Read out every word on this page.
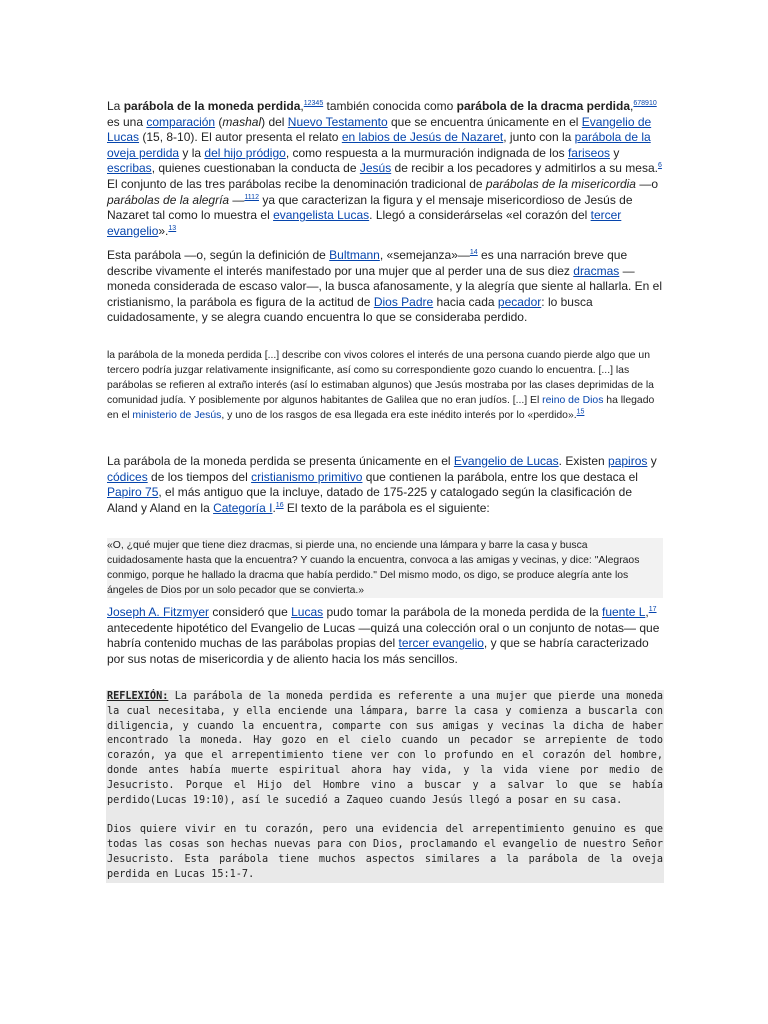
La parábola de la moneda perdida,$^{12345}$ también conocida como parábola de la dracma perdida,$^{678910}$ es una comparación (mashal) del Nuevo Testamento que se encuentra únicamente en el Evangelio de Lucas (15, 8-10). El autor presenta el relato en labios de Jesús de Nazaret, junto con la parábola de la oveja perdida y la del hijo pródigo, como respuesta a la murmuración indignada de los fariseos y escribas, quienes cuestionaban la conducta de Jesús de recibir a los pecadores y admitirlos a su mesa.$^6$ El conjunto de las tres parábolas recibe la denominación tradicional de parábolas de la misericordia —o parábolas de la alegría —$^{1112}$ ya que caracterizan la figura y el mensaje misericordioso de Jesús de Nazaret tal como lo muestra el evangelista Lucas. Llegó a considerárselas «el corazón del tercer evangelio».$^{13}$
Esta parábola —o, según la definición de Bultmann, «semejanza»—$^{14}$ es una narración breve que describe vivamente el interés manifestado por una mujer que al perder una de sus diez dracmas —moneda considerada de escaso valor—, la busca afanosamente, y la alegría que siente al hallarla. En el cristianismo, la parábola es figura de la actitud de Dios Padre hacia cada pecador: lo busca cuidadosamente, y se alegra cuando encuentra lo que se consideraba perdido.
la parábola de la moneda perdida [...] describe con vivos colores el interés de una persona cuando pierde algo que un tercero podría juzgar relativamente insignificante, así como su correspondiente gozo cuando lo encuentra. [...] las parábolas se refieren al extraño interés (así lo estimaban algunos) que Jesús mostraba por las clases deprimidas de la comunidad judía. Y posiblemente por algunos habitantes de Galilea que no eran judíos. [...] El reino de Dios ha llegado en el ministerio de Jesús, y uno de los rasgos de esa llegada era este inédito interés por lo «perdido».$^{15}$
La parábola de la moneda perdida se presenta únicamente en el Evangelio de Lucas. Existen papiros y códices de los tiempos del cristianismo primitivo que contienen la parábola, entre los que destaca el Papiro 75, el más antiguo que la incluye, datado de 175-225 y catalogado según la clasificación de Aland y Aland en la Categoría I.$^{16}$ El texto de la parábola es el siguiente:
«O, ¿qué mujer que tiene diez dracmas, si pierde una, no enciende una lámpara y barre la casa y busca cuidadosamente hasta que la encuentra? Y cuando la encuentra, convoca a las amigas y vecinas, y dice: "Alegraos conmigo, porque he hallado la dracma que había perdido." Del mismo modo, os digo, se produce alegría ante los ángeles de Dios por un solo pecador que se convierta.»
Joseph A. Fitzmyer consideró que Lucas pudo tomar la parábola de la moneda perdida de la fuente L,$^{17}$ antecedente hipotético del Evangelio de Lucas —quizá una colección oral o un conjunto de notas— que habría contenido muchas de las parábolas propias del tercer evangelio, y que se habría caracterizado por sus notas de misericordia y de aliento hacia los más sencillos.
REFLEXIÓN: La parábola de la moneda perdida es referente a una mujer que pierde una moneda la cual necesitaba, y ella enciende una lámpara, barre la casa y comienza a buscarla con diligencia, y cuando la encuentra, comparte con sus amigas y vecinas la dicha de haber encontrado la moneda. Hay gozo en el cielo cuando un pecador se arrepiente de todo corazón, ya que el arrepentimiento tiene ver con lo profundo en el corazón del hombre, donde antes había muerte espiritual ahora hay vida, y la vida viene por medio de Jesucristo. Porque el Hijo del Hombre vino a buscar y a salvar lo que se había perdido(Lucas 19:10), así le sucedió a Zaqueo cuando Jesús llegó a posar en su casa.
Dios quiere vivir en tu corazón, pero una evidencia del arrepentimiento genuino es que todas las cosas son hechas nuevas para con Dios, proclamando el evangelio de nuestro Señor Jesucristo. Esta parábola tiene muchos aspectos similares a la parábola de la oveja perdida en Lucas 15:1-7.
